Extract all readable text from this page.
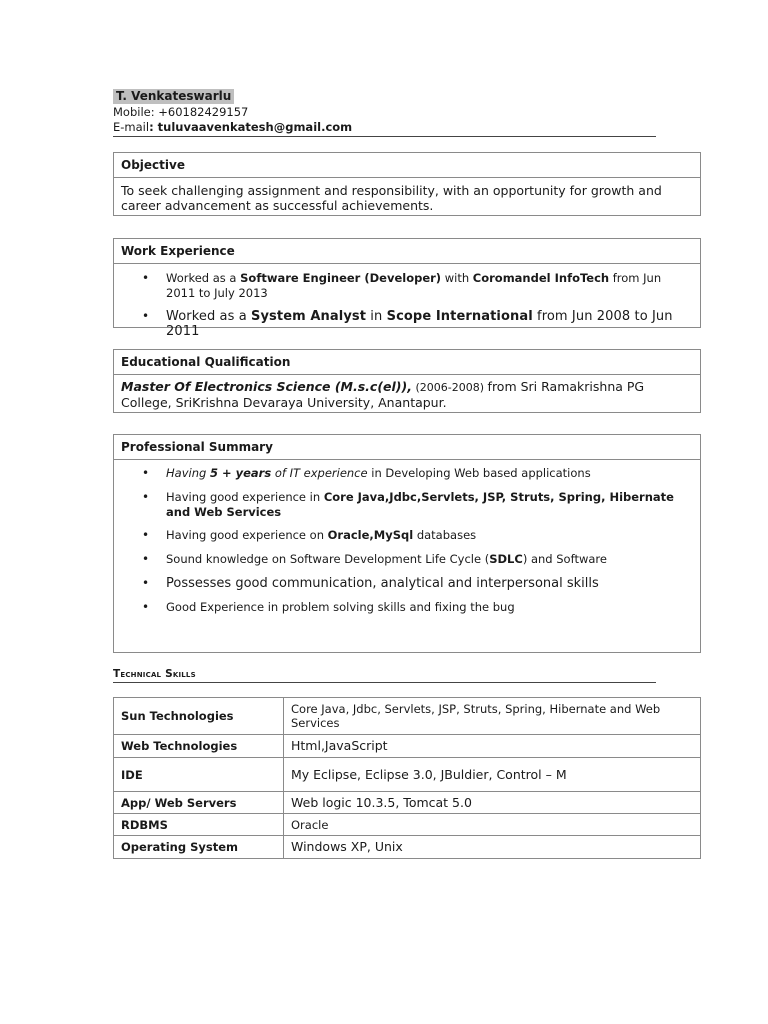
T. Venkateswarlu
Mobile: +60182429157
E-mail: tuluvaavenkatesh@gmail.com
Objective
To seek challenging assignment and responsibility, with an opportunity for growth and career advancement as successful achievements.
Work Experience
• Worked as a Software Engineer (Developer) with Coromandel InfoTech from Jun 2011 to July 2013
• Worked as a System Analyst in Scope International from Jun 2008 to Jun 2011
Educational Qualification
Master Of Electronics Science (M.s.c(el)), (2006-2008) from Sri Ramakrishna PG College, SriKrishna Devaraya University, Anantapur.
Professional Summary
• Having 5 + years of IT experience in Developing Web based applications
• Having good experience in Core Java,Jdbc,Servlets, JSP, Struts, Spring, Hibernate and Web Services
• Having good experience on Oracle,MySql databases
• Sound knowledge on Software Development Life Cycle (SDLC) and Software
• Possesses good communication, analytical and interpersonal skills
• Good Experience in problem solving skills and fixing the bug
Technical Skills
Sun Technologies	Core Java, Jdbc, Servlets, JSP, Struts, Spring, Hibernate and Web Services
Web Technologies	Html,JavaScript
IDE	My Eclipse, Eclipse 3.0, JBuldier, Control – M
App/ Web Servers	Web logic 10.3.5, Tomcat 5.0
RDBMS	Oracle
Operating System	Windows XP, Unix
